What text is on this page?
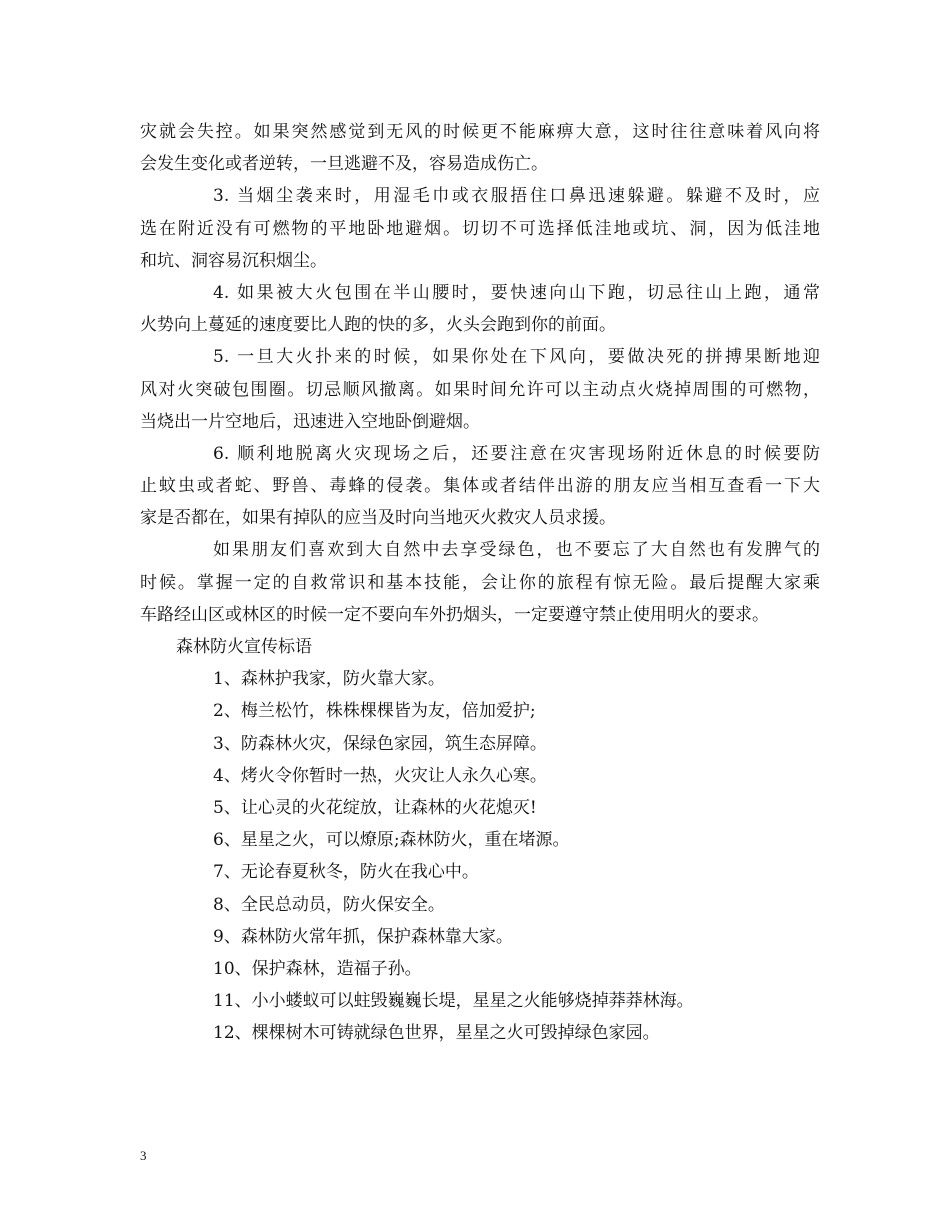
灾就会失控。如果突然感觉到无风的时候更不能麻痹大意，这时往往意味着风向将
会发生变化或者逆转，一旦逃避不及，容易造成伤亡。
3. 当烟尘袭来时，用湿毛巾或衣服捂住口鼻迅速躲避。躲避不及时，应
选在附近没有可燃物的平地卧地避烟。切切不可选择低洼地或坑、洞，因为低洼地
和坑、洞容易沉积烟尘。
4. 如果被大火包围在半山腰时，要快速向山下跑，切忌往山上跑，通常
火势向上蔓延的速度要比人跑的快的多，火头会跑到你的前面。
5. 一旦大火扑来的时候，如果你处在下风向，要做决死的拼搏果断地迎
风对火突破包围圈。切忌顺风撤离。如果时间允许可以主动点火烧掉周围的可燃物，
当烧出一片空地后，迅速进入空地卧倒避烟。
6. 顺利地脱离火灾现场之后，还要注意在灾害现场附近休息的时候要防
止蚊虫或者蛇、野兽、毒蜂的侵袭。集体或者结伴出游的朋友应当相互查看一下大
家是否都在，如果有掉队的应当及时向当地灭火救灾人员求援。
如果朋友们喜欢到大自然中去享受绿色，也不要忘了大自然也有发脾气的
时候。掌握一定的自救常识和基本技能，会让你的旅程有惊无险。最后提醒大家乘
车路经山区或林区的时候一定不要向车外扔烟头，一定要遵守禁止使用明火的要求。
森林防火宣传标语
1、森林护我家，防火靠大家。
2、梅兰松竹，株株棵棵皆为友，倍加爱护;
3、防森林火灾，保绿色家园，筑生态屏障。
4、烤火令你暂时一热，火灾让人永久心寒。
5、让心灵的火花绽放，让森林的火花熄灭!
6、星星之火，可以燎原;森林防火，重在堵源。
7、无论春夏秋冬，防火在我心中。
8、全民总动员，防火保安全。
9、森林防火常年抓，保护森林靠大家。
10、保护森林，造福子孙。
11、小小蝼蚁可以蛀毁巍巍长堤，星星之火能够烧掉莽莽林海。
12、棵棵树木可铸就绿色世界，星星之火可毁掉绿色家园。
3
